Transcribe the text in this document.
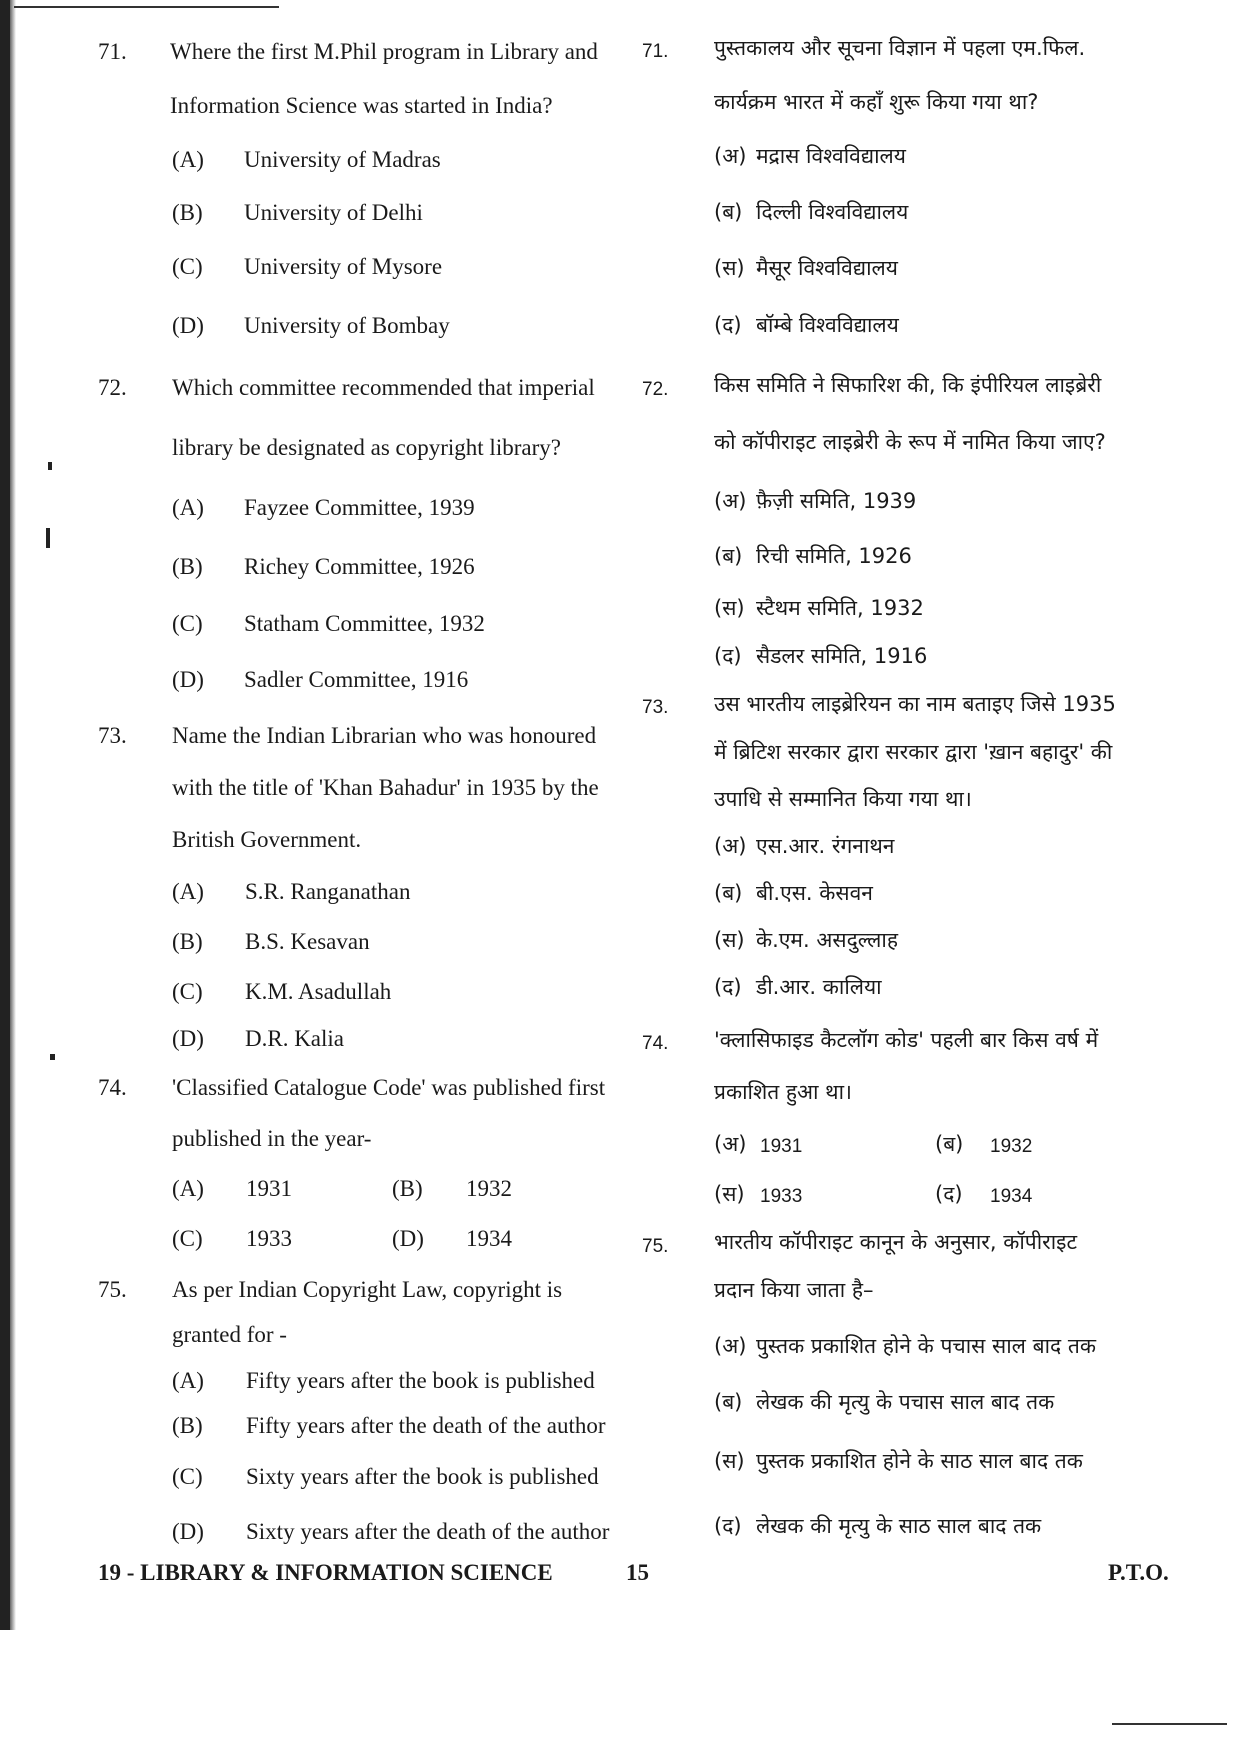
71. Where the first M.Phil program in Library and
Information Science was started in India?
(A) University of Madras
(B) University of Delhi
(C) University of Mysore
(D) University of Bombay
72. Which committee recommended that imperial
library be designated as copyright library?
(A) Fayzee Committee, 1939
(B) Richey Committee, 1926
(C) Statham Committee, 1932
(D) Sadler Committee, 1916
73. Name the Indian Librarian who was honoured
with the title of 'Khan Bahadur' in 1935 by the
British Government.
(A) S.R. Ranganathan
(B) B.S. Kesavan
(C) K.M. Asadullah
(D) D.R. Kalia
74. 'Classified Catalogue Code' was published first
published in the year-
(A) 1931	(B) 1932
(C) 1933	(D) 1934
75. As per Indian Copyright Law, copyright is
granted for -
(A) Fifty years after the book is published
(B) Fifty years after the death of the author
(C) Sixty years after the book is published
(D) Sixty years after the death of the author
71. पुस्तकालय और सूचना विज्ञान में पहला एम.फिल.
कार्यक्रम भारत में कहाँ शुरू किया गया था?
(अ) मद्रास विश्वविद्यालय
(ब) दिल्ली विश्वविद्यालय
(स) मैसूर विश्वविद्यालय
(द) बॉम्बे विश्वविद्यालय
72. किस समिति ने सिफारिश की, कि इंपीरियल लाइब्रेरी
को कॉपीराइट लाइब्रेरी के रूप में नामित किया जाए?
(अ) फ़ैज़ी समिति, 1939
(ब) रिची समिति, 1926
(स) स्टैथम समिति, 1932
(द) सैडलर समिति, 1916
73. उस भारतीय लाइब्रेरियन का नाम बताइए जिसे 1935
में ब्रिटिश सरकार द्वारा सरकार द्वारा 'ख़ान बहादुर' की
उपाधि से सम्मानित किया गया था।
(अ) एस.आर. रंगनाथन
(ब) बी.एस. केसवन
(स) के.एम. असदुल्लाह
(द) डी.आर. कालिया
74. 'क्लासिफाइड कैटलॉग कोड' पहली बार किस वर्ष में
प्रकाशित हुआ था।
(अ) 1931	(ब) 1932
(स) 1933	(द) 1934
75. भारतीय कॉपीराइट कानून के अनुसार, कॉपीराइट
प्रदान किया जाता है–
(अ) पुस्तक प्रकाशित होने के पचास साल बाद तक
(ब) लेखक की मृत्यु के पचास साल बाद तक
(स) पुस्तक प्रकाशित होने के साठ साल बाद तक
(द) लेखक की मृत्यु के साठ साल बाद तक
19 - LIBRARY & INFORMATION SCIENCE	15	P.T.O.
